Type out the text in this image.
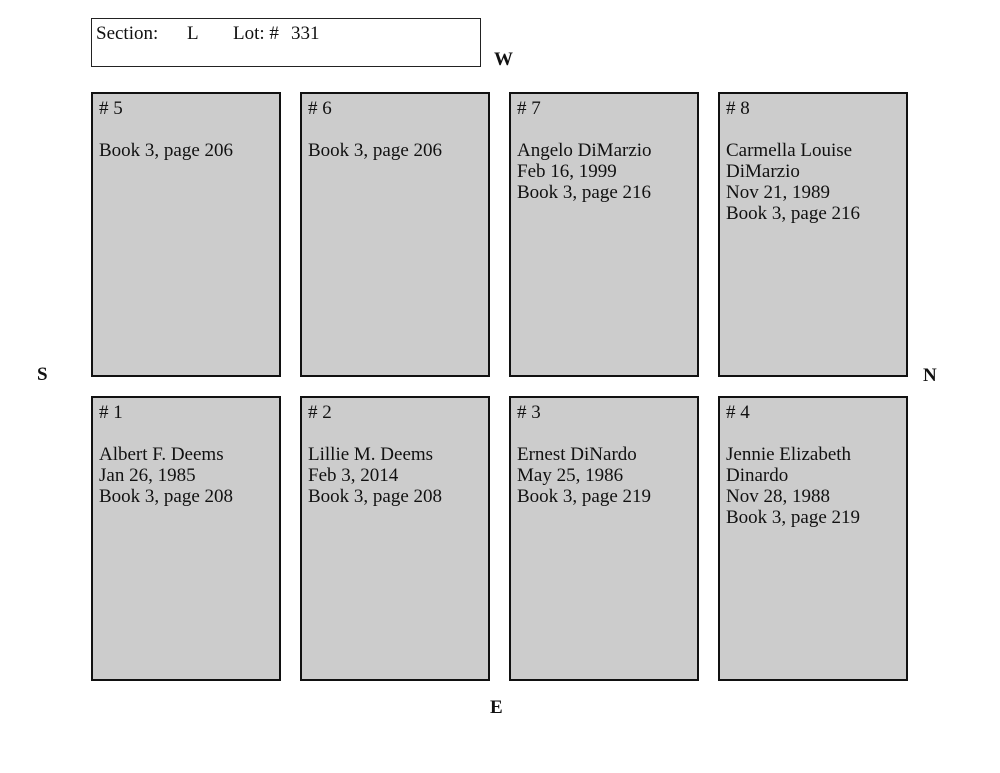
Section: L Lot: # 331
W
S	N
E
# 5
Book 3, page 206
# 6
Book 3, page 206
# 7
Angelo DiMarzio
Feb 16, 1999
Book 3, page 216
# 8
Carmella Louise
DiMarzio
Nov 21, 1989
Book 3, page 216
# 1
Albert F. Deems
Jan 26, 1985
Book 3, page 208
# 2
Lillie M. Deems
Feb 3, 2014
Book 3, page 208
# 3
Ernest DiNardo
May 25, 1986
Book 3, page 219
# 4
Jennie Elizabeth
Dinardo
Nov 28, 1988
Book 3, page 219
